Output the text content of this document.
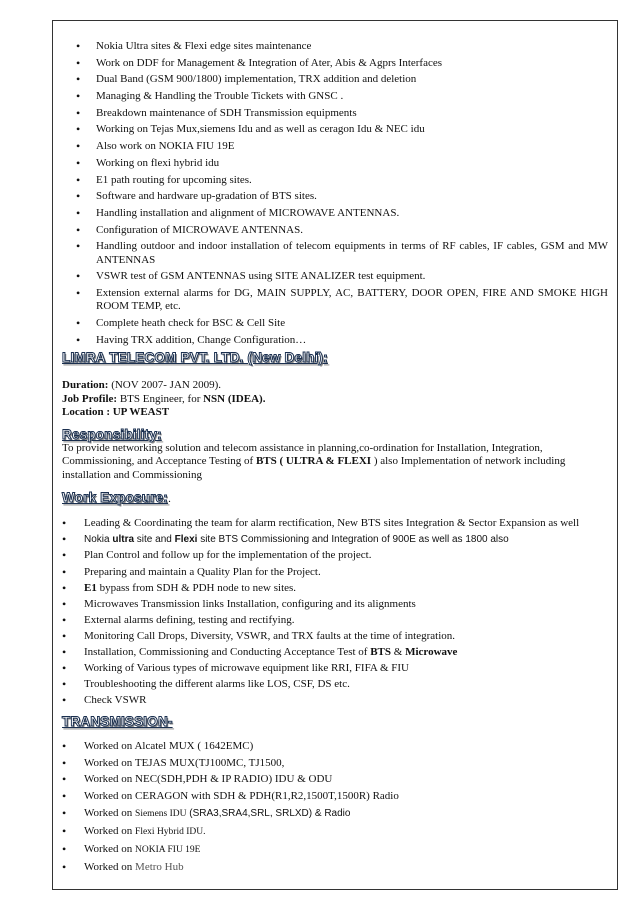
• Nokia Ultra sites & Flexi edge sites maintenance
• Work on DDF for Management & Integration of Ater, Abis & Agprs Interfaces
• Dual Band (GSM 900/1800) implementation, TRX addition and deletion
• Managing & Handling the Trouble Tickets with GNSC .
• Breakdown maintenance of SDH Transmission equipments
• Working on Tejas Mux,siemens Idu and as well as ceragon Idu & NEC idu
• Also work on NOKIA FIU 19E
• Working on flexi hybrid idu
• E1 path routing for upcoming sites.
• Software and hardware up-gradation of BTS sites.
• Handling installation and alignment of MICROWAVE ANTENNAS.
• Configuration of MICROWAVE ANTENNAS.
• Handling outdoor and indoor installation of telecom equipments in terms of RF cables, IF cables, GSM and MW ANTENNAS
• VSWR test of GSM ANTENNAS using SITE ANALIZER test equipment.
• Extension external alarms for DG, MAIN SUPPLY, AC, BATTERY, DOOR OPEN, FIRE AND SMOKE HIGH ROOM TEMP, etc.
• Complete heath check for BSC & Cell Site
• Having TRX addition, Change Configuration…
LIMRA TELECOM PVT. LTD. (New Delhi):
Duration: (NOV 2007- JAN 2009).
Job Profile: BTS Engineer, for NSN (IDEA).
Location : UP WEAST
Responsibility:
To provide networking solution and telecom assistance in planning,co-ordination for Installation, Integration, Commissioning, and Acceptance Testing of BTS ( ULTRA & FLEXI ) also Implementation of network including installation and Commissioning
Work Exposure:.
• Leading & Coordinating the team for alarm rectification, New BTS sites Integration & Sector Expansion as well
• Nokia ultra site and Flexi site BTS Commissioning and Integration of 900E as well as 1800 also
• Plan Control and follow up for the implementation of the project.
• Preparing and maintain a Quality Plan for the Project.
• E1 bypass from SDH & PDH node to new sites.
• Microwaves Transmission links Installation, configuring and its alignments
• External alarms defining, testing and rectifying.
• Monitoring Call Drops, Diversity, VSWR, and TRX faults at the time of integration.
• Installation, Commissioning and Conducting Acceptance Test of BTS & Microwave
• Working of Various types of microwave equipment like RRI, FIFA & FIU
• Troubleshooting the different alarms like LOS, CSF, DS etc.
• Check VSWR
TRANSMISSION-
• Worked on Alcatel MUX ( 1642EMC)
• Worked on TEJAS MUX(TJ100MC, TJ1500,
• Worked on NEC(SDH,PDH & IP RADIO) IDU & ODU
• Worked on CERAGON with SDH & PDH(R1,R2,1500T,1500R) Radio
• Worked on Siemens IDU (SRA3,SRA4,SRL, SRLXD) & Radio
• Worked on Flexi Hybrid IDU.
• Worked on NOKIA FIU 19E
• Worked on Metro Hub
